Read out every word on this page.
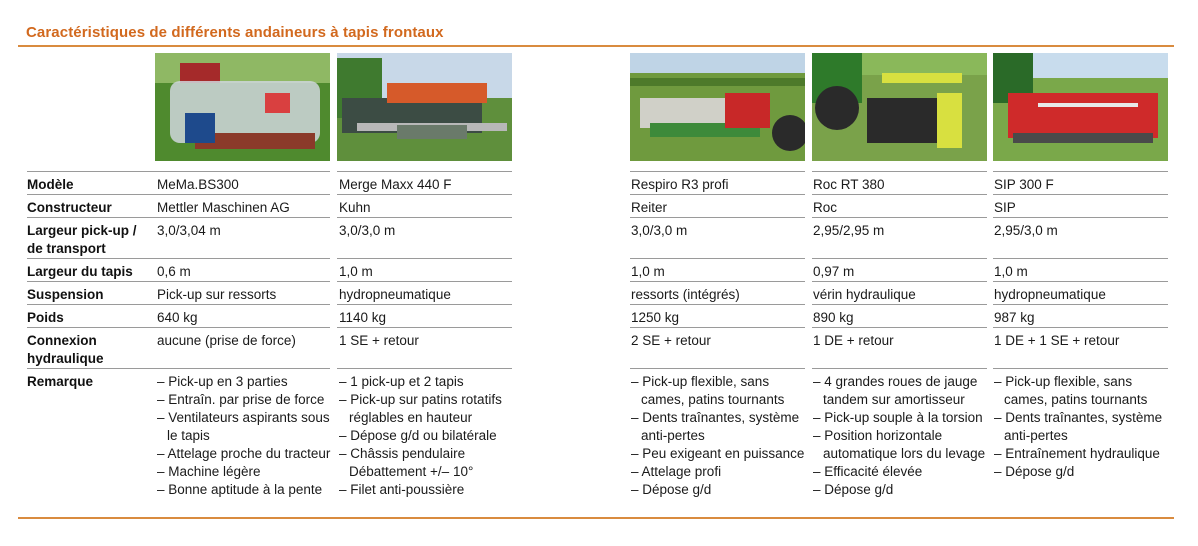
Caractéristiques de différents andaineurs à tapis frontaux
Modèle
Constructeur
Largeur pick-up / de transport
Largeur du tapis
Suspension
Poids
Connexion hydraulique
Remarque
MeMa.BS300
Mettler Maschinen AG
3,0/3,04 m
0,6 m
Pick-up sur ressorts
640 kg
aucune (prise de force)
– Pick-up en 3 parties
– Entraîn. par prise de force
– Ventilateurs aspirants sous le tapis
– Attelage proche du tracteur
– Machine légère
– Bonne aptitude à la pente
Merge Maxx 440 F
Kuhn
3,0/3,0 m
1,0 m
hydropneumatique
1140 kg
1 SE + retour
– 1 pick-up et 2 tapis
– Pick-up sur patins rotatifs réglables en hauteur
– Dépose g/d ou bilatérale
– Châssis pendulaire Débattement +/– 10°
– Filet anti-poussière
Respiro R3 profi
Reiter
3,0/3,0 m
1,0 m
ressorts (intégrés)
1250 kg
2 SE + retour
– Pick-up flexible, sans cames, patins tournants
– Dents traînantes, système anti-pertes
– Peu exigeant en puissance
– Attelage profi
– Dépose g/d
Roc RT 380
Roc
2,95/2,95 m
0,97 m
vérin hydraulique
890 kg
1 DE + retour
– 4 grandes roues de jauge tandem sur amortisseur
– Pick-up souple à la torsion
– Position horizontale automatique lors du levage
– Efficacité élevée
– Dépose g/d
SIP 300 F
SIP
2,95/3,0 m
1,0 m
hydropneumatique
987 kg
1 DE + 1 SE + retour
– Pick-up flexible, sans cames, patins tournants
– Dents traînantes, système anti-pertes
– Entraînement hydraulique
– Dépose g/d
